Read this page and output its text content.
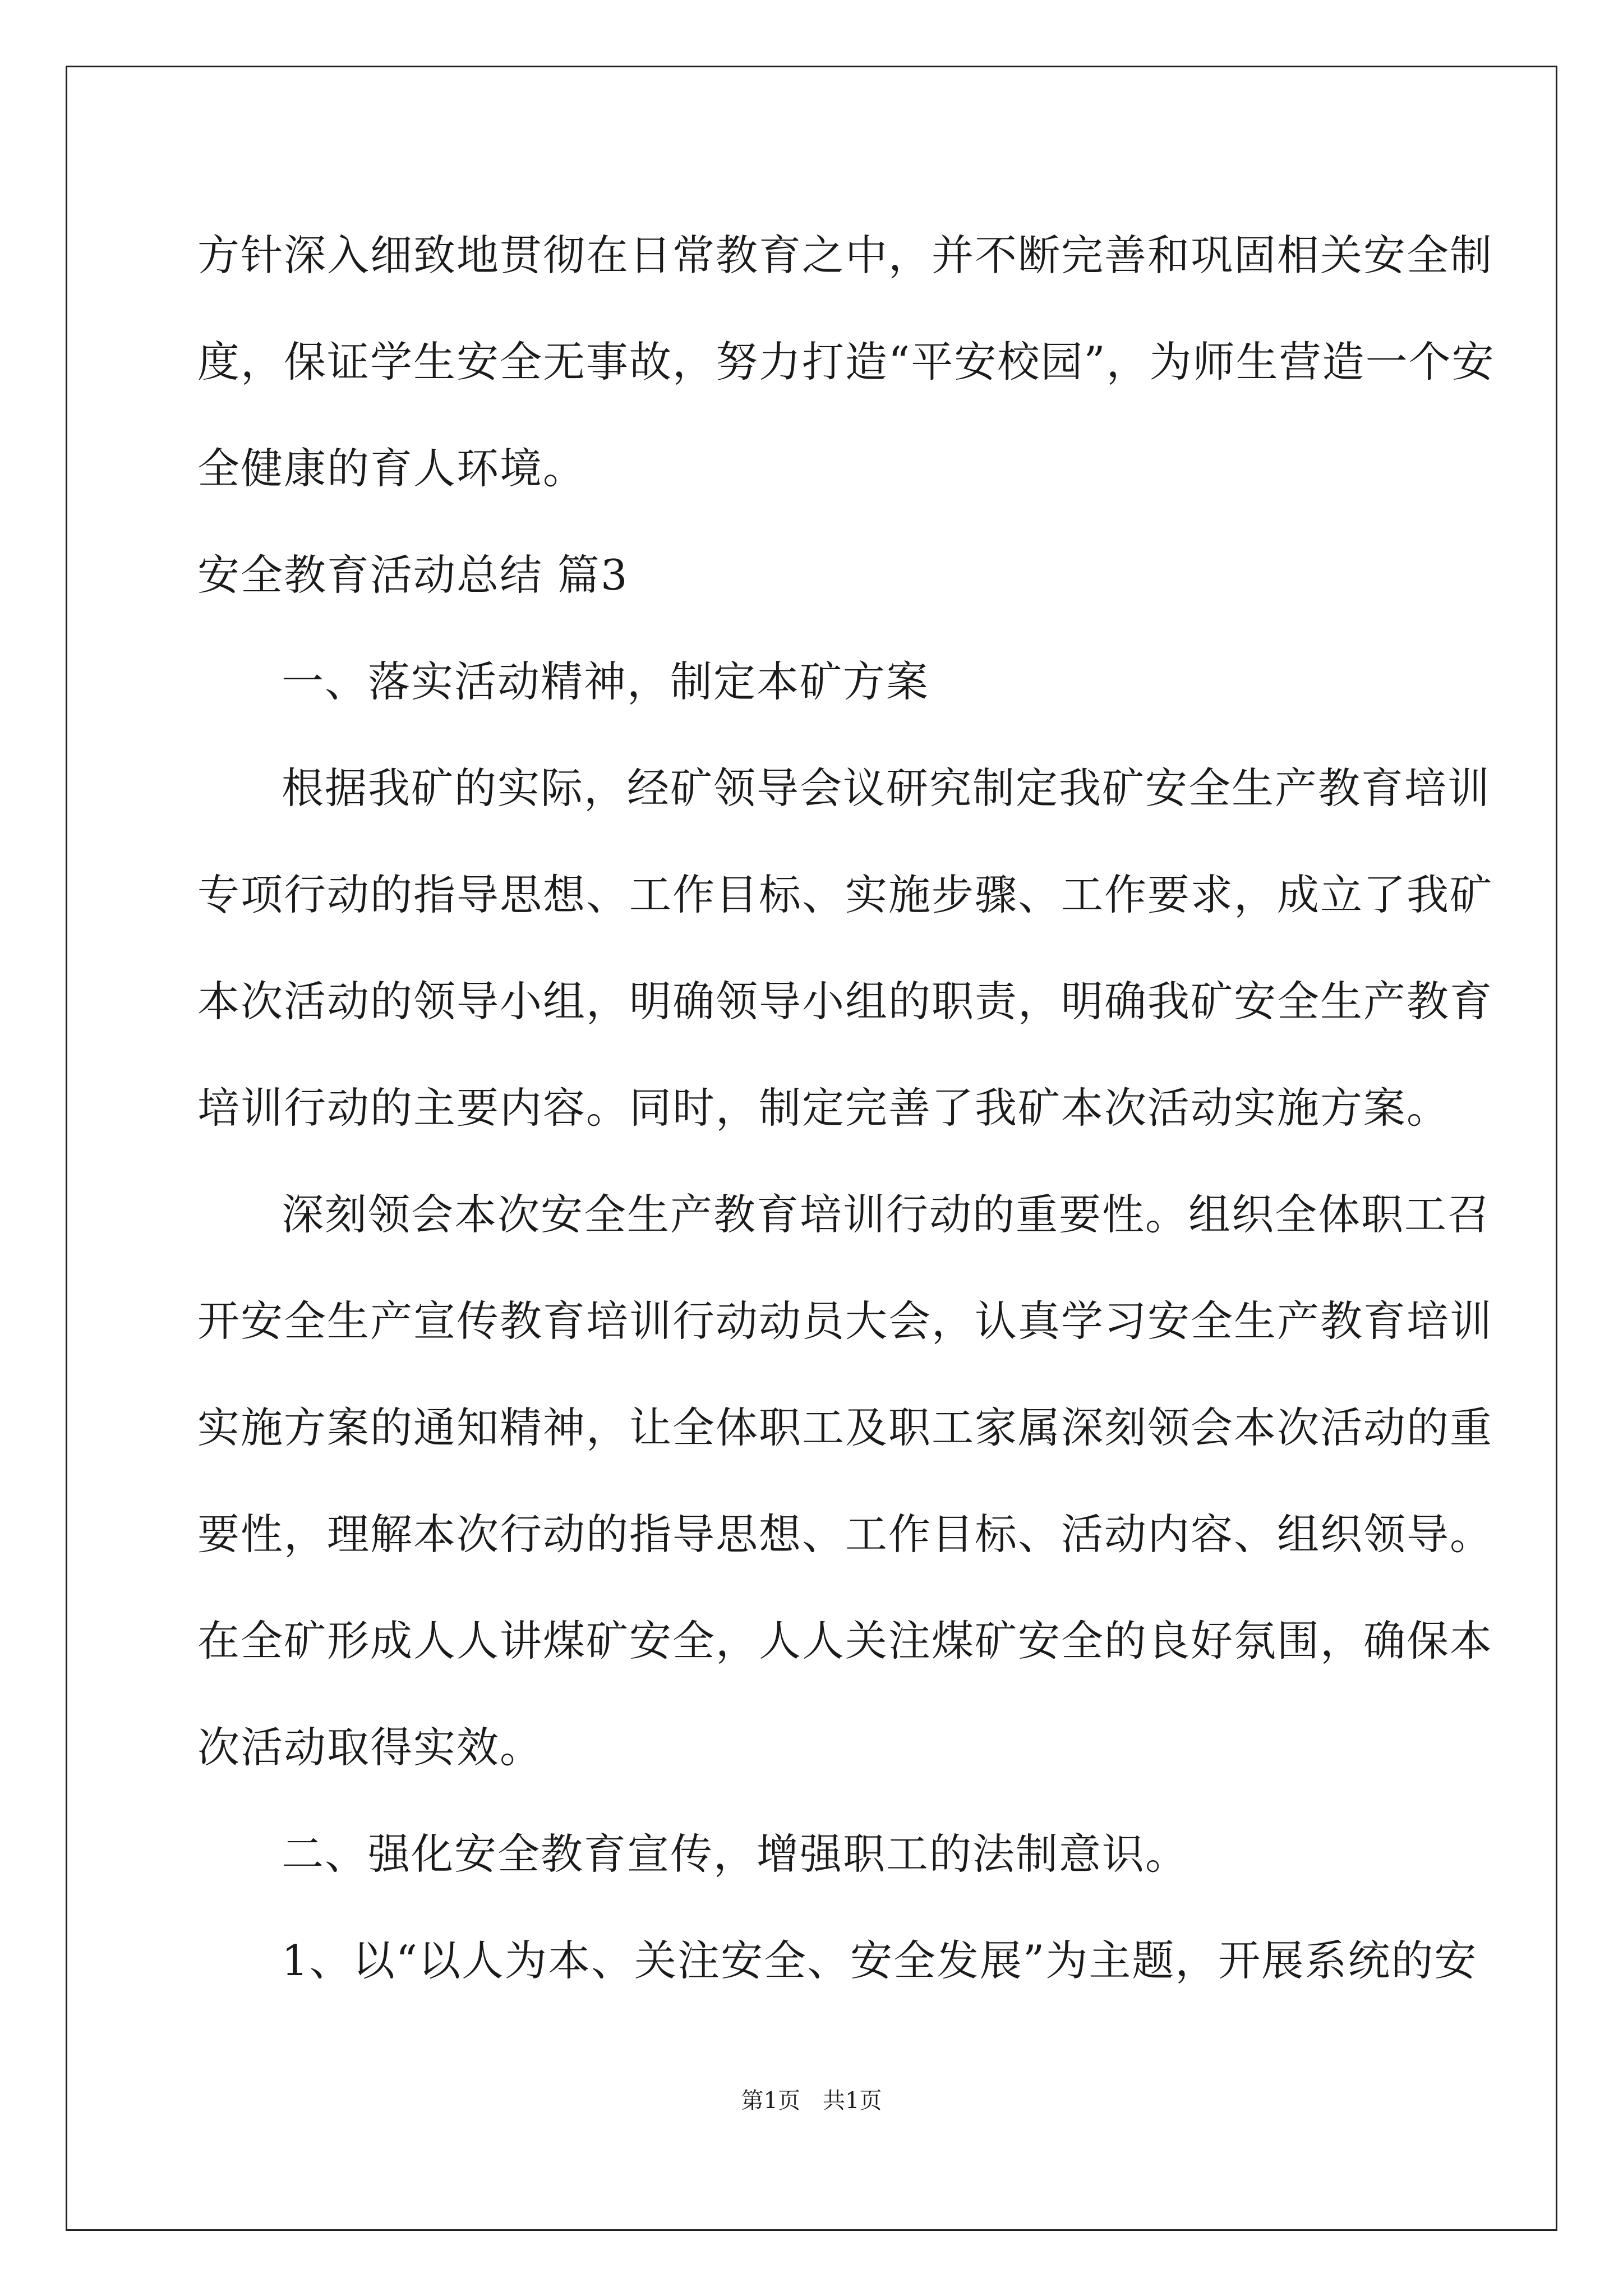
方针深入细致地贯彻在日常教育之中，并不断完善和巩固相关安全制
度，保证学生安全无事故，努力打造“平安校园”，为师生营造一个安
全健康的育人环境。
安全教育活动总结 篇3
一、落实活动精神，制定本矿方案
根据我矿的实际，经矿领导会议研究制定我矿安全生产教育培训
专项行动的指导思想、工作目标、实施步骤、工作要求，成立了我矿
本次活动的领导小组，明确领导小组的职责，明确我矿安全生产教育
培训行动的主要内容。同时，制定完善了我矿本次活动实施方案。
深刻领会本次安全生产教育培训行动的重要性。组织全体职工召
开安全生产宣传教育培训行动动员大会，认真学习安全生产教育培训
实施方案的通知精神，让全体职工及职工家属深刻领会本次活动的重
要性，理解本次行动的指导思想、工作目标、活动内容、组织领导。
在全矿形成人人讲煤矿安全，人人关注煤矿安全的良好氛围，确保本
次活动取得实效。
二、强化安全教育宣传，增强职工的法制意识。
1、以“以人为本、关注安全、安全发展”为主题，开展系统的安
第1页　共1页
